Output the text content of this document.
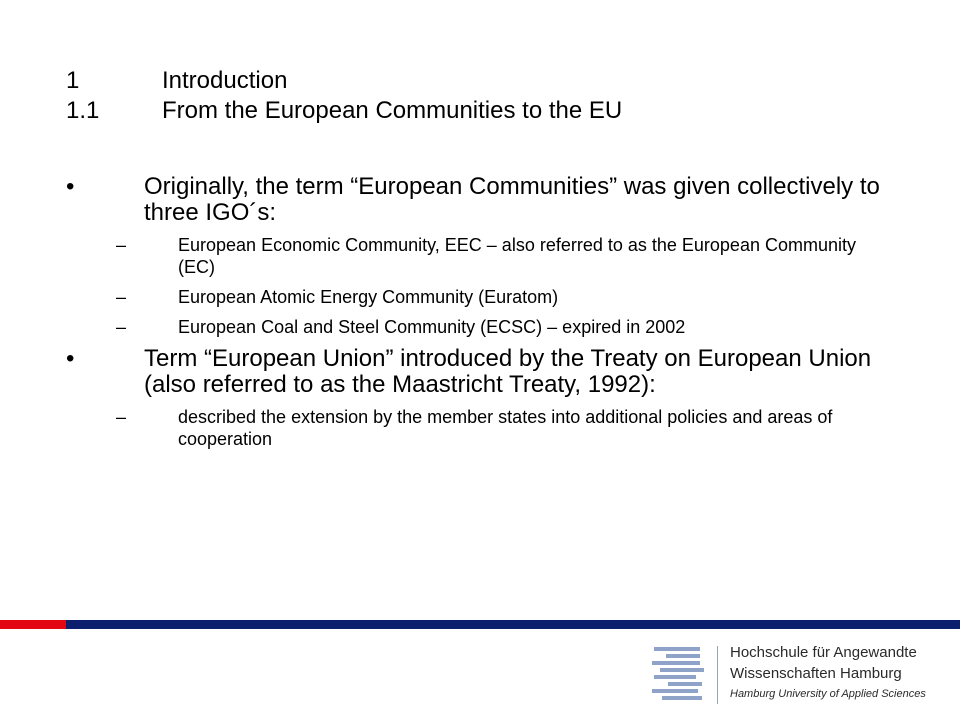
1	Introduction
1.1	From the European Communities to the EU
•	Originally, the term “European Communities” was given collectively to three IGO´s:
–	European Economic Community, EEC – also referred to as the European Community (EC)
–	European Atomic Energy Community (Euratom)
–	European Coal and Steel Community (ECSC) – expired in 2002
•	Term “European Union” introduced by the Treaty on European Union (also referred to as the Maastricht Treaty, 1992):
–	described the extension by the member states into additional policies and areas of cooperation
Hochschule für Angewandte
Wissenschaften Hamburg
Hamburg University of Applied Sciences
